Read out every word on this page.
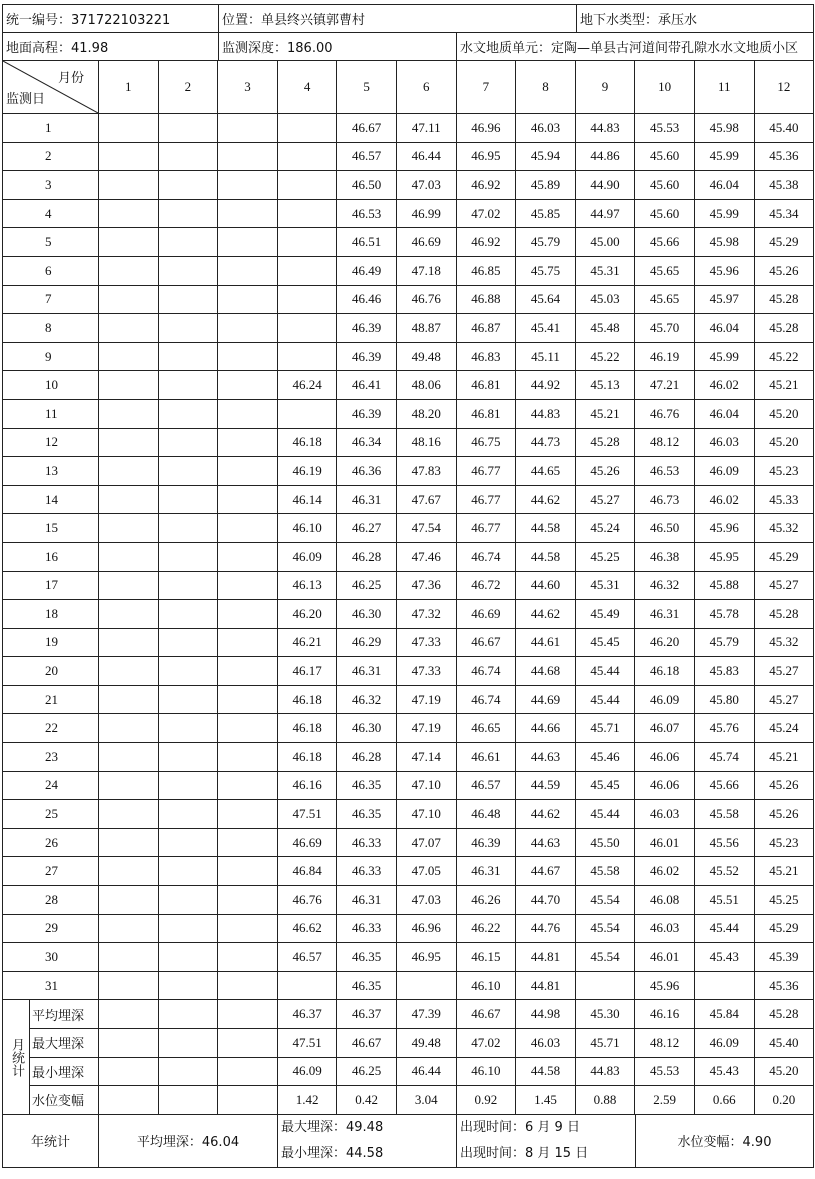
统一编号：371722103221	位置：单县终兴镇郭曹村	地下水类型：承压水
地面高程：41.98	监测深度：186.00	水文地质单元：定陶—单县古河道间带孔隙水水文地质小区
月份
监测日		1	2	3	4	5	6	7	8	9	10	11	12
1						46.67	47.11	46.96	46.03	44.83	45.53	45.98	45.40
2						46.57	46.44	46.95	45.94	44.86	45.60	45.99	45.36
3						46.50	47.03	46.92	45.89	44.90	45.60	46.04	45.38
4						46.53	46.99	47.02	45.85	44.97	45.60	45.99	45.34
5						46.51	46.69	46.92	45.79	45.00	45.66	45.98	45.29
6						46.49	47.18	46.85	45.75	45.31	45.65	45.96	45.26
7						46.46	46.76	46.88	45.64	45.03	45.65	45.97	45.28
8						46.39	48.87	46.87	45.41	45.48	45.70	46.04	45.28
9						46.39	49.48	46.83	45.11	45.22	46.19	45.99	45.22
10					46.24	46.41	48.06	46.81	44.92	45.13	47.21	46.02	45.21
11						46.39	48.20	46.81	44.83	45.21	46.76	46.04	45.20
12					46.18	46.34	48.16	46.75	44.73	45.28	48.12	46.03	45.20
13					46.19	46.36	47.83	46.77	44.65	45.26	46.53	46.09	45.23
14					46.14	46.31	47.67	46.77	44.62	45.27	46.73	46.02	45.33
15					46.10	46.27	47.54	46.77	44.58	45.24	46.50	45.96	45.32
16					46.09	46.28	47.46	46.74	44.58	45.25	46.38	45.95	45.29
17					46.13	46.25	47.36	46.72	44.60	45.31	46.32	45.88	45.27
18					46.20	46.30	47.32	46.69	44.62	45.49	46.31	45.78	45.28
19					46.21	46.29	47.33	46.67	44.61	45.45	46.20	45.79	45.32
20					46.17	46.31	47.33	46.74	44.68	45.44	46.18	45.83	45.27
21					46.18	46.32	47.19	46.74	44.69	45.44	46.09	45.80	45.27
22					46.18	46.30	47.19	46.65	44.66	45.71	46.07	45.76	45.24
23					46.18	46.28	47.14	46.61	44.63	45.46	46.06	45.74	45.21
24					46.16	46.35	47.10	46.57	44.59	45.45	46.06	45.66	45.26
25					47.51	46.35	47.10	46.48	44.62	45.44	46.03	45.58	45.26
26					46.69	46.33	47.07	46.39	44.63	45.50	46.01	45.56	45.23
27					46.84	46.33	47.05	46.31	44.67	45.58	46.02	45.52	45.21
28					46.76	46.31	47.03	46.26	44.70	45.54	46.08	45.51	45.25
29					46.62	46.33	46.96	46.22	44.76	45.54	46.03	45.44	45.29
30					46.57	46.35	46.95	46.15	44.81	45.54	46.01	45.43	45.39
31						46.35		46.10	44.81		45.96		45.36
月统计	平均埋深				46.37	46.37	47.39	46.67	44.98	45.30	46.16	45.84	45.28
	最大埋深				47.51	46.67	49.48	47.02	46.03	45.71	48.12	46.09	45.40
	最小埋深				46.09	46.25	46.44	46.10	44.58	44.83	45.53	45.43	45.20
	水位变幅				1.42	0.42	3.04	0.92	1.45	0.88	2.59	0.66	0.20
年统计	平均埋深：46.04	
最大埋深：49.48
最小埋深：44.58

出现时间：6 月 9 日
出现时间：8 月 15 日
	水位变幅：4.90
